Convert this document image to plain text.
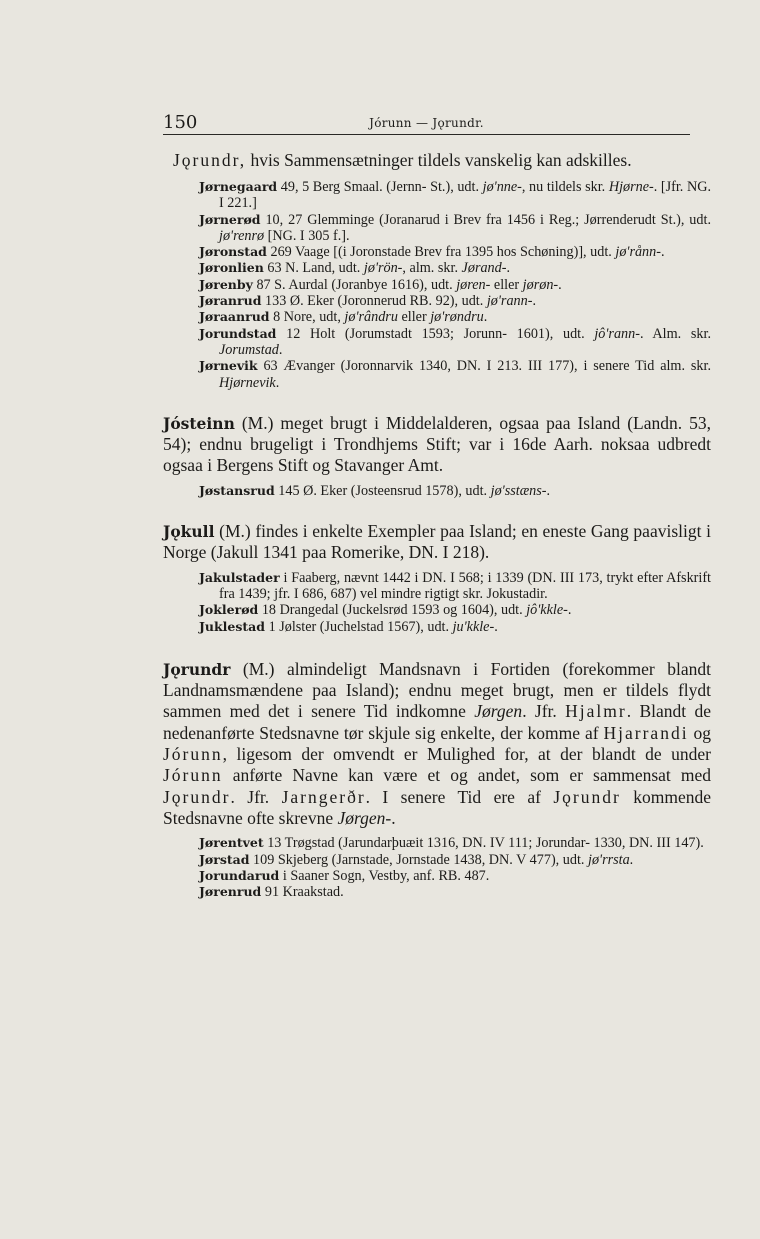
150	Jórunn — Jǫrundr.

Jǫrundr, hvis Sammensætninger tildels vanskelig kan adskilles.

Jørnegaard 49, 5 Berg Smaal. (Jernn- St.), udt. jø'nne-, nu tildels skr. Hjørne-. [Jfr. NG. I 221.]

Jørnerød 10, 27 Glemminge (Joranarud i Brev fra 1456 i Reg.; Jørrenderudt St.), udt. jø'renrø [NG. I 305 f.].

Jøronstad 269 Vaage [(i Joronstade Brev fra 1395 hos Schøning)], udt. jø'rånn-.

Jøronlien 63 N. Land, udt. jø'rön-, alm. skr. Jørand-.

Jørenby 87 S. Aurdal (Joranbye 1616), udt. jøren- eller jørøn-.

Jøranrud 133 Ø. Eker (Joronnerud RB. 92), udt. jø'rann-.

Jøraanrud 8 Nore, udt, jø'rândru eller jø'røndru.

Jorundstad 12 Holt (Jorumstadt 1593; Jorunn- 1601), udt. jô'rann-. Alm. skr. Jorumstad.

Jørnevik 63 Ævanger (Joronnarvik 1340, DN. I 213. III 177), i senere Tid alm. skr. Hjørnevik.

Jósteinn (M.) meget brugt i Middelalderen, ogsaa paa Island (Landn. 53, 54); endnu brugeligt i Trondhjems Stift; var i 16de Aarh. noksaa udbredt ogsaa i Bergens Stift og Stavanger Amt.

Jøstansrud 145 Ø. Eker (Josteensrud 1578), udt. jø'sstæns-.

Jǫkull (M.) findes i enkelte Exempler paa Island; en eneste Gang paavisligt i Norge (Jakull 1341 paa Romerike, DN. I 218).

Jakulstader i Faaberg, nævnt 1442 i DN. I 568; i 1339 (DN. III 173, trykt efter Afskrift fra 1439; jfr. I 686, 687) vel mindre rigtigt skr. Jokustadir.

Joklerød 18 Drangedal (Juckelsrød 1593 og 1604), udt. jô'kkle-.

Juklestad 1 Jølster (Juchelstad 1567), udt. ju'kkle-.

Jǫrundr (M.) almindeligt Mandsnavn i Fortiden (forekommer blandt Landnamsmændene paa Island); endnu meget brugt, men er tildels flydt sammen med det i senere Tid indkomne Jørgen. Jfr. Hjalmr. Blandt de nedenanførte Stedsnavne tør skjule sig enkelte, der komme af Hjarrandi og Jórunn, ligesom der omvendt er Mulighed for, at der blandt de under Jórunn anførte Navne kan være et og andet, som er sammensat med Jǫrundr. Jfr. Jarngerðr. I senere Tid ere af Jǫrundr kommende Stedsnavne ofte skrevne Jørgen-.

Jørentvet 13 Trøgstad (Jarundarþuæit 1316, DN. IV 111; Jorundar- 1330, DN. III 147).

Jørstad 109 Skjeberg (Jarnstade, Jornstade 1438, DN. V 477), udt. jø'rrsta.

Jorundarud i Saaner Sogn, Vestby, anf. RB. 487.

Jørenrud 91 Kraakstad.
